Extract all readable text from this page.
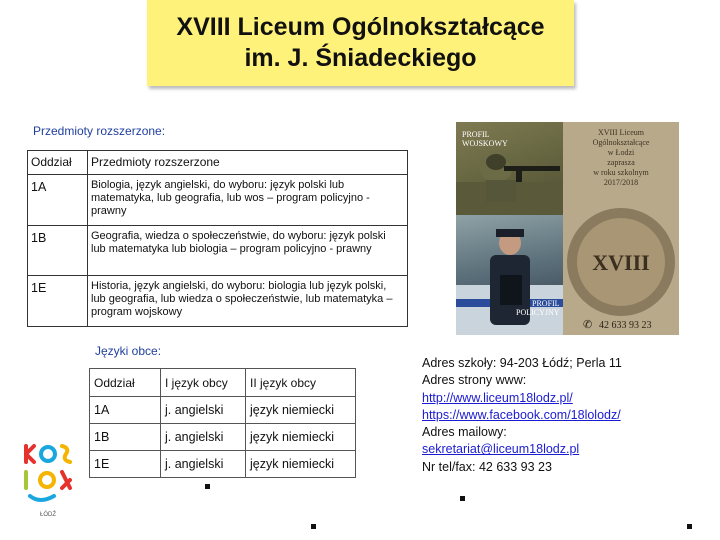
XVIII Liceum Ogólnokształcące
im. J. Śniadeckiego
Przedmioty rozszerzone:
Oddział	Przedmioty rozszerzone
1A	Biologia, język angielski, do wyboru: język polski lub matematyka, lub geografia, lub wos – program policyjno - prawny
1B	Geografia, wiedza o społeczeństwie, do wyboru: język polski lub matematyka lub biologia – program policyjno - prawny
1E	Historia, język angielski, do wyboru: biologia lub język polski, lub geografia, lub wiedza o społeczeństwie, lub matematyka – program wojskowy
Języki obce:
Oddział	I język obcy	II język obcy
1A	j. angielski	język niemiecki
1B	j. angielski	język niemiecki
1E	j. angielski	język niemiecki
PROFIL
WOJSKOWY
PROFIL
POLICYJNY
XVIII
✆ 42 633 93 23
XVIII Liceum
Ogólnokształcące
w Łodzi
zaprasza
w roku szkolnym
2017/2018
Adres szkoły: 94-203 Łódź; Perla 11
Adres strony www:
http://www.liceum18lodz.pl/
https://www.facebook.com/18lolodz/
Adres mailowy:
sekretariat@liceum18lodz.pl
Nr tel/fax: 42 633 93 23
ŁÓDŹ
